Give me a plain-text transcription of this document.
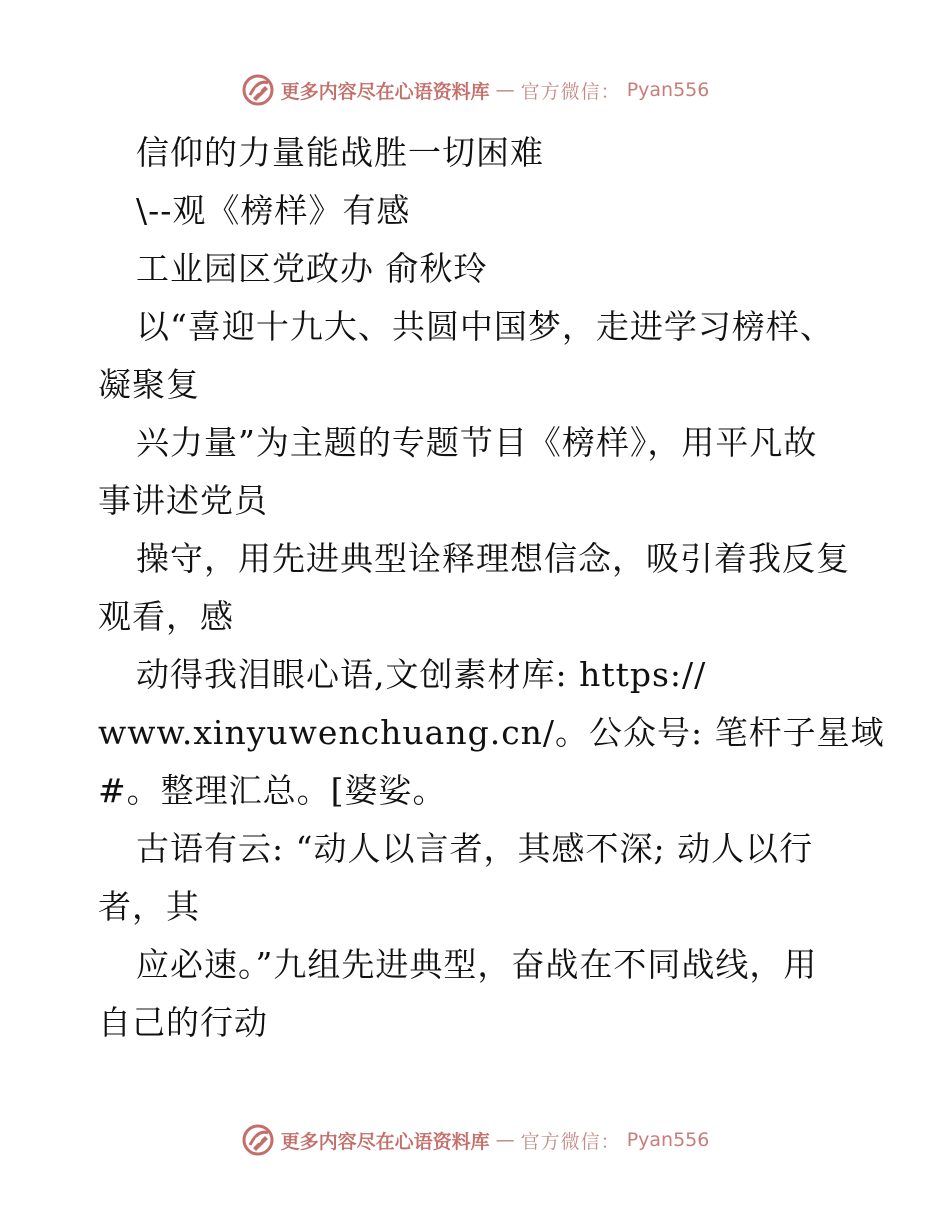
更多内容尽在心语资料库 — 官方微信： Pyan556
信仰的力量能战胜一切困难
\--观《榜样》有感
工业园区党政办 俞秋玲
以“喜迎十九大、共圆中国梦，走进学习榜样、
凝聚复
兴力量”为主题的专题节目《榜样》，用平凡故
事讲述党员
操守，用先进典型诠释理想信念，吸引着我反复
观看，感
动得我泪眼心语,文创素材库: https://
www.xinyuwenchuang.cn/。公众号: 笔杆子星域
#。整理汇总。[婆娑。
古语有云: “动人以言者，其感不深; 动人以行
者，其
应必速。”九组先进典型，奋战在不同战线，用
自己的行动
更多内容尽在心语资料库 — 官方微信： Pyan556
